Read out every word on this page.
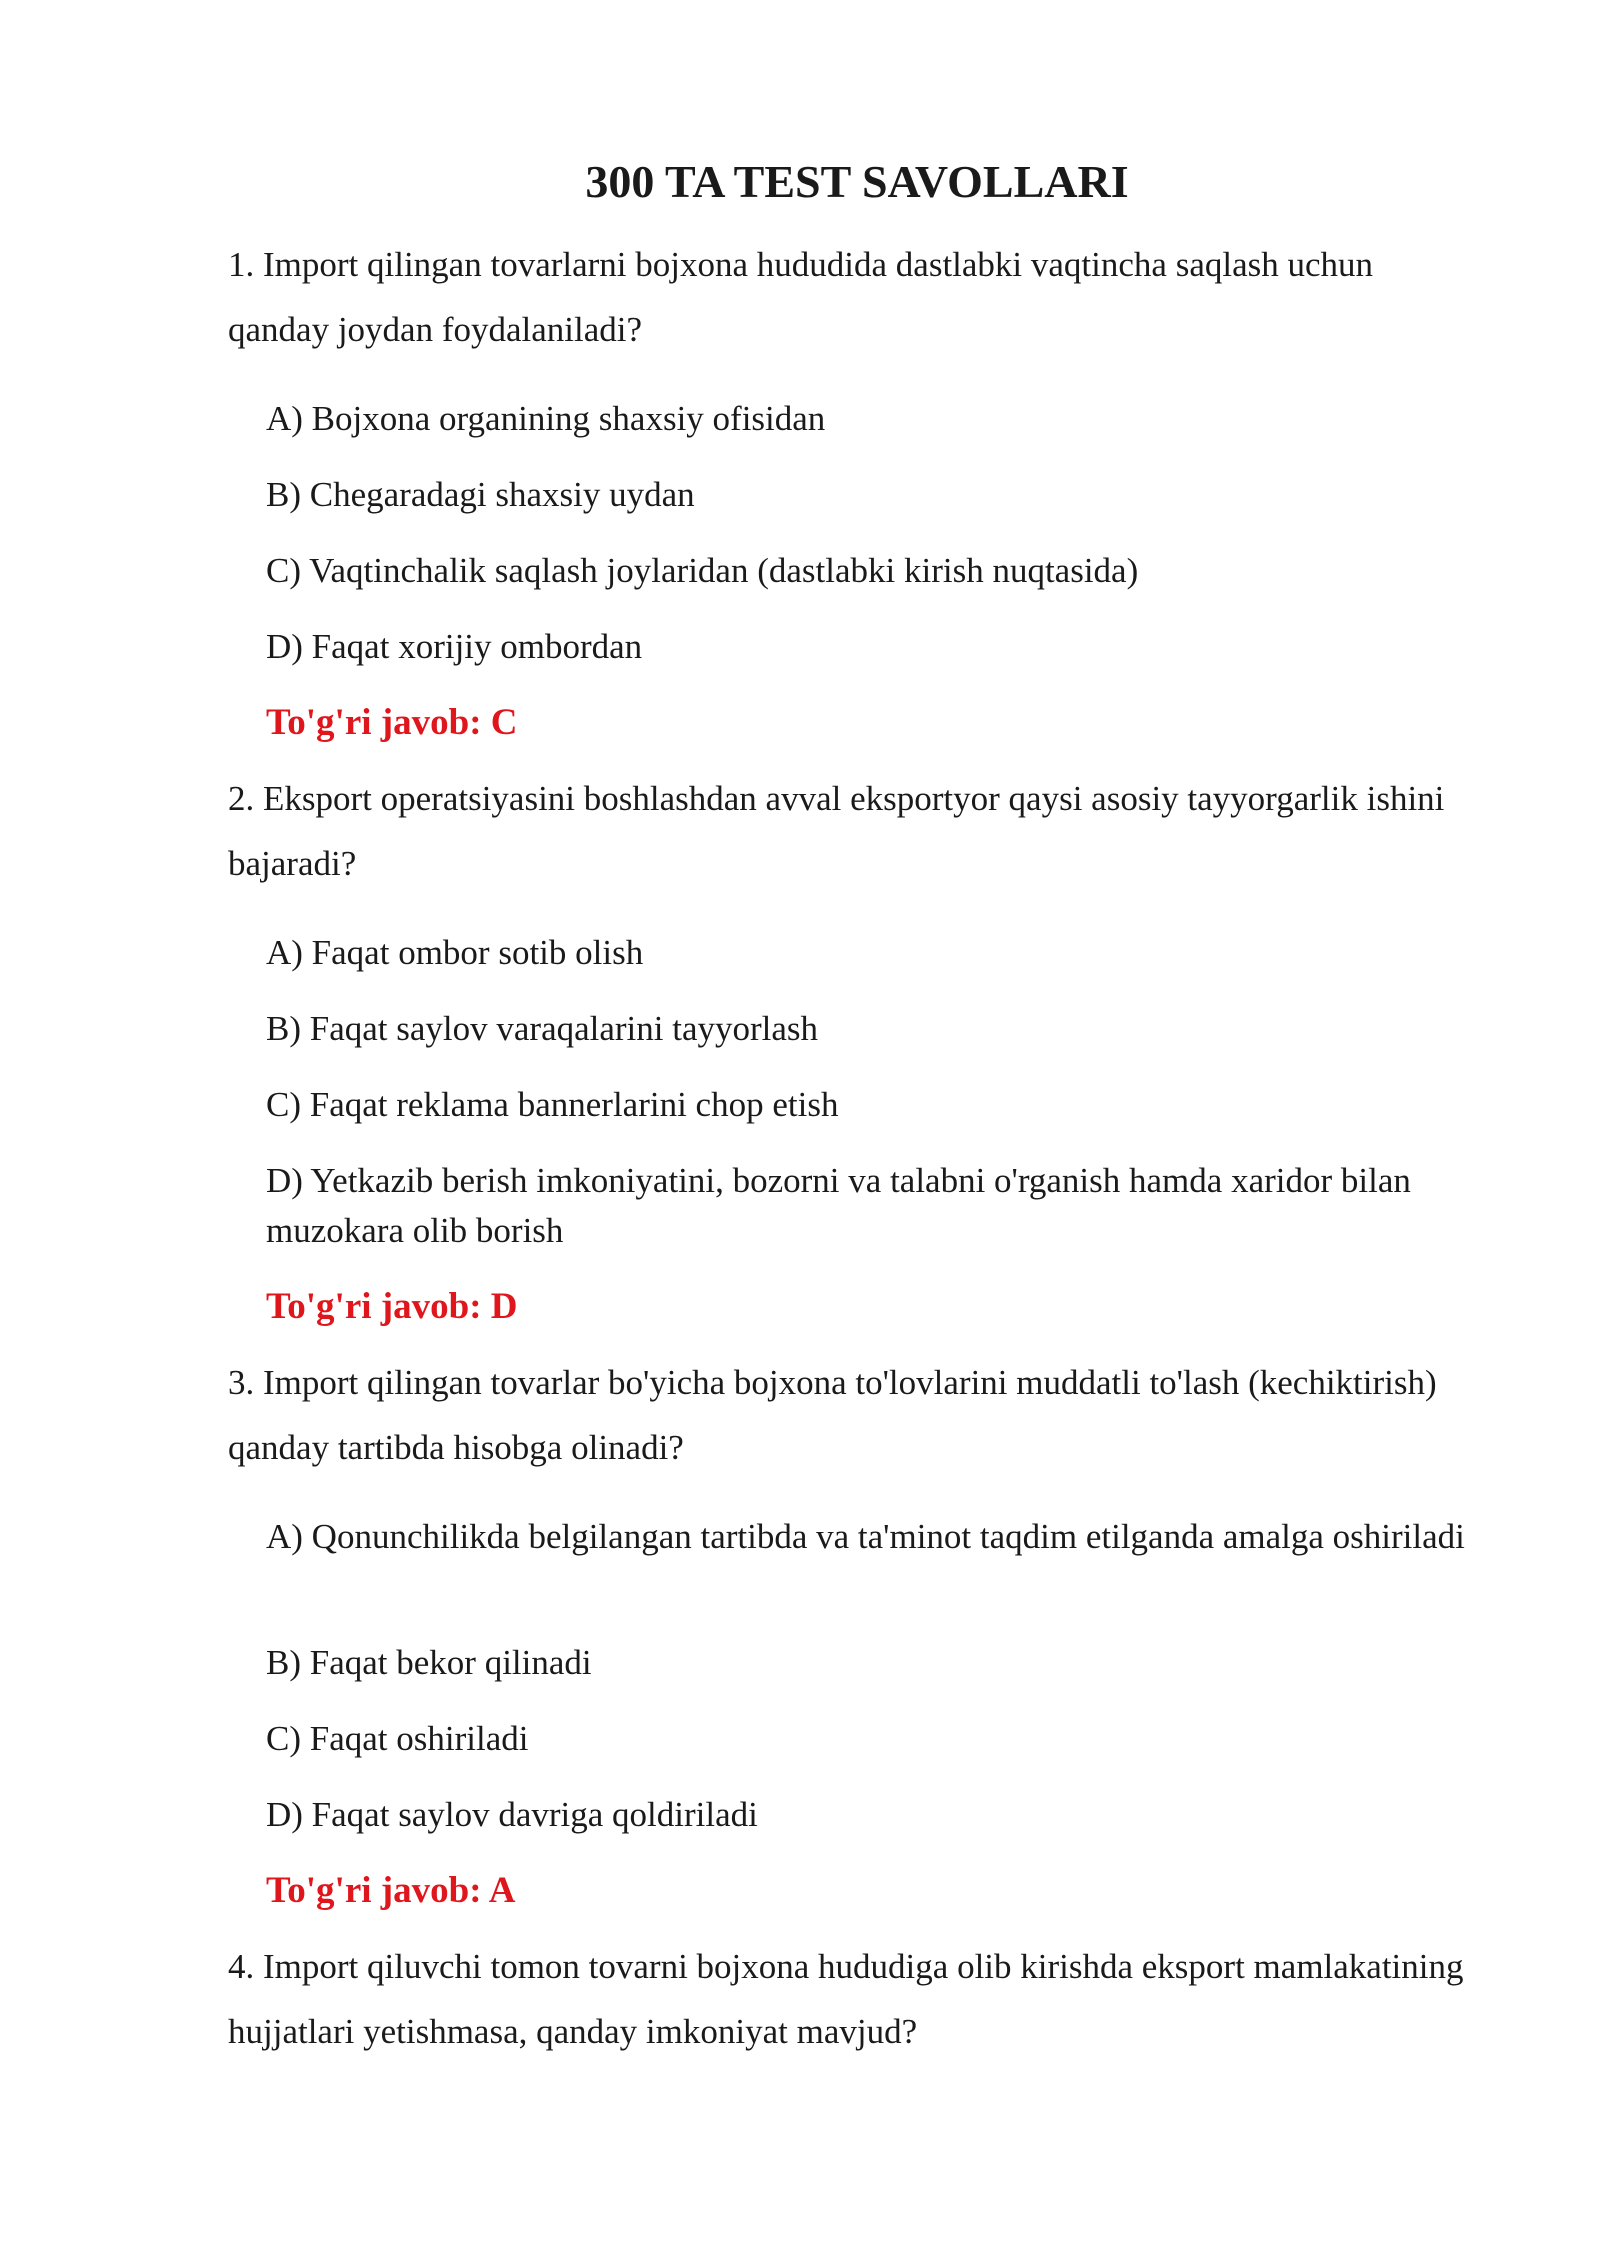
300 TA TEST SAVOLLARI

1. Import qilingan tovarlarni bojxona hududida dastlabki vaqtincha saqlash uchun qanday joydan foydalaniladi?

A) Bojxona organining shaxsiy ofisidan

B) Chegaradagi shaxsiy uydan

C) Vaqtinchalik saqlash joylaridan (dastlabki kirish nuqtasida)

D) Faqat xorijiy ombordan

To'g'ri javob: C

2. Eksport operatsiyasini boshlashdan avval eksportyor qaysi asosiy tayyorgarlik ishini bajaradi?

A) Faqat ombor sotib olish

B) Faqat saylov varaqalarini tayyorlash

C) Faqat reklama bannerlarini chop etish

D) Yetkazib berish imkoniyatini, bozorni va talabni o'rganish hamda xaridor bilan muzokara olib borish

To'g'ri javob: D

3. Import qilingan tovarlar bo'yicha bojxona to'lovlarini muddatli to'lash (kechiktirish) qanday tartibda hisobga olinadi?

A) Qonunchilikda belgilangan tartibda va ta'minot taqdim etilganda amalga oshiriladi

B) Faqat bekor qilinadi

C) Faqat oshiriladi

D) Faqat saylov davriga qoldiriladi

To'g'ri javob: A

4. Import qiluvchi tomon tovarni bojxona hududiga olib kirishda eksport mamlakatining hujjatlari yetishmasa, qanday imkoniyat mavjud?
